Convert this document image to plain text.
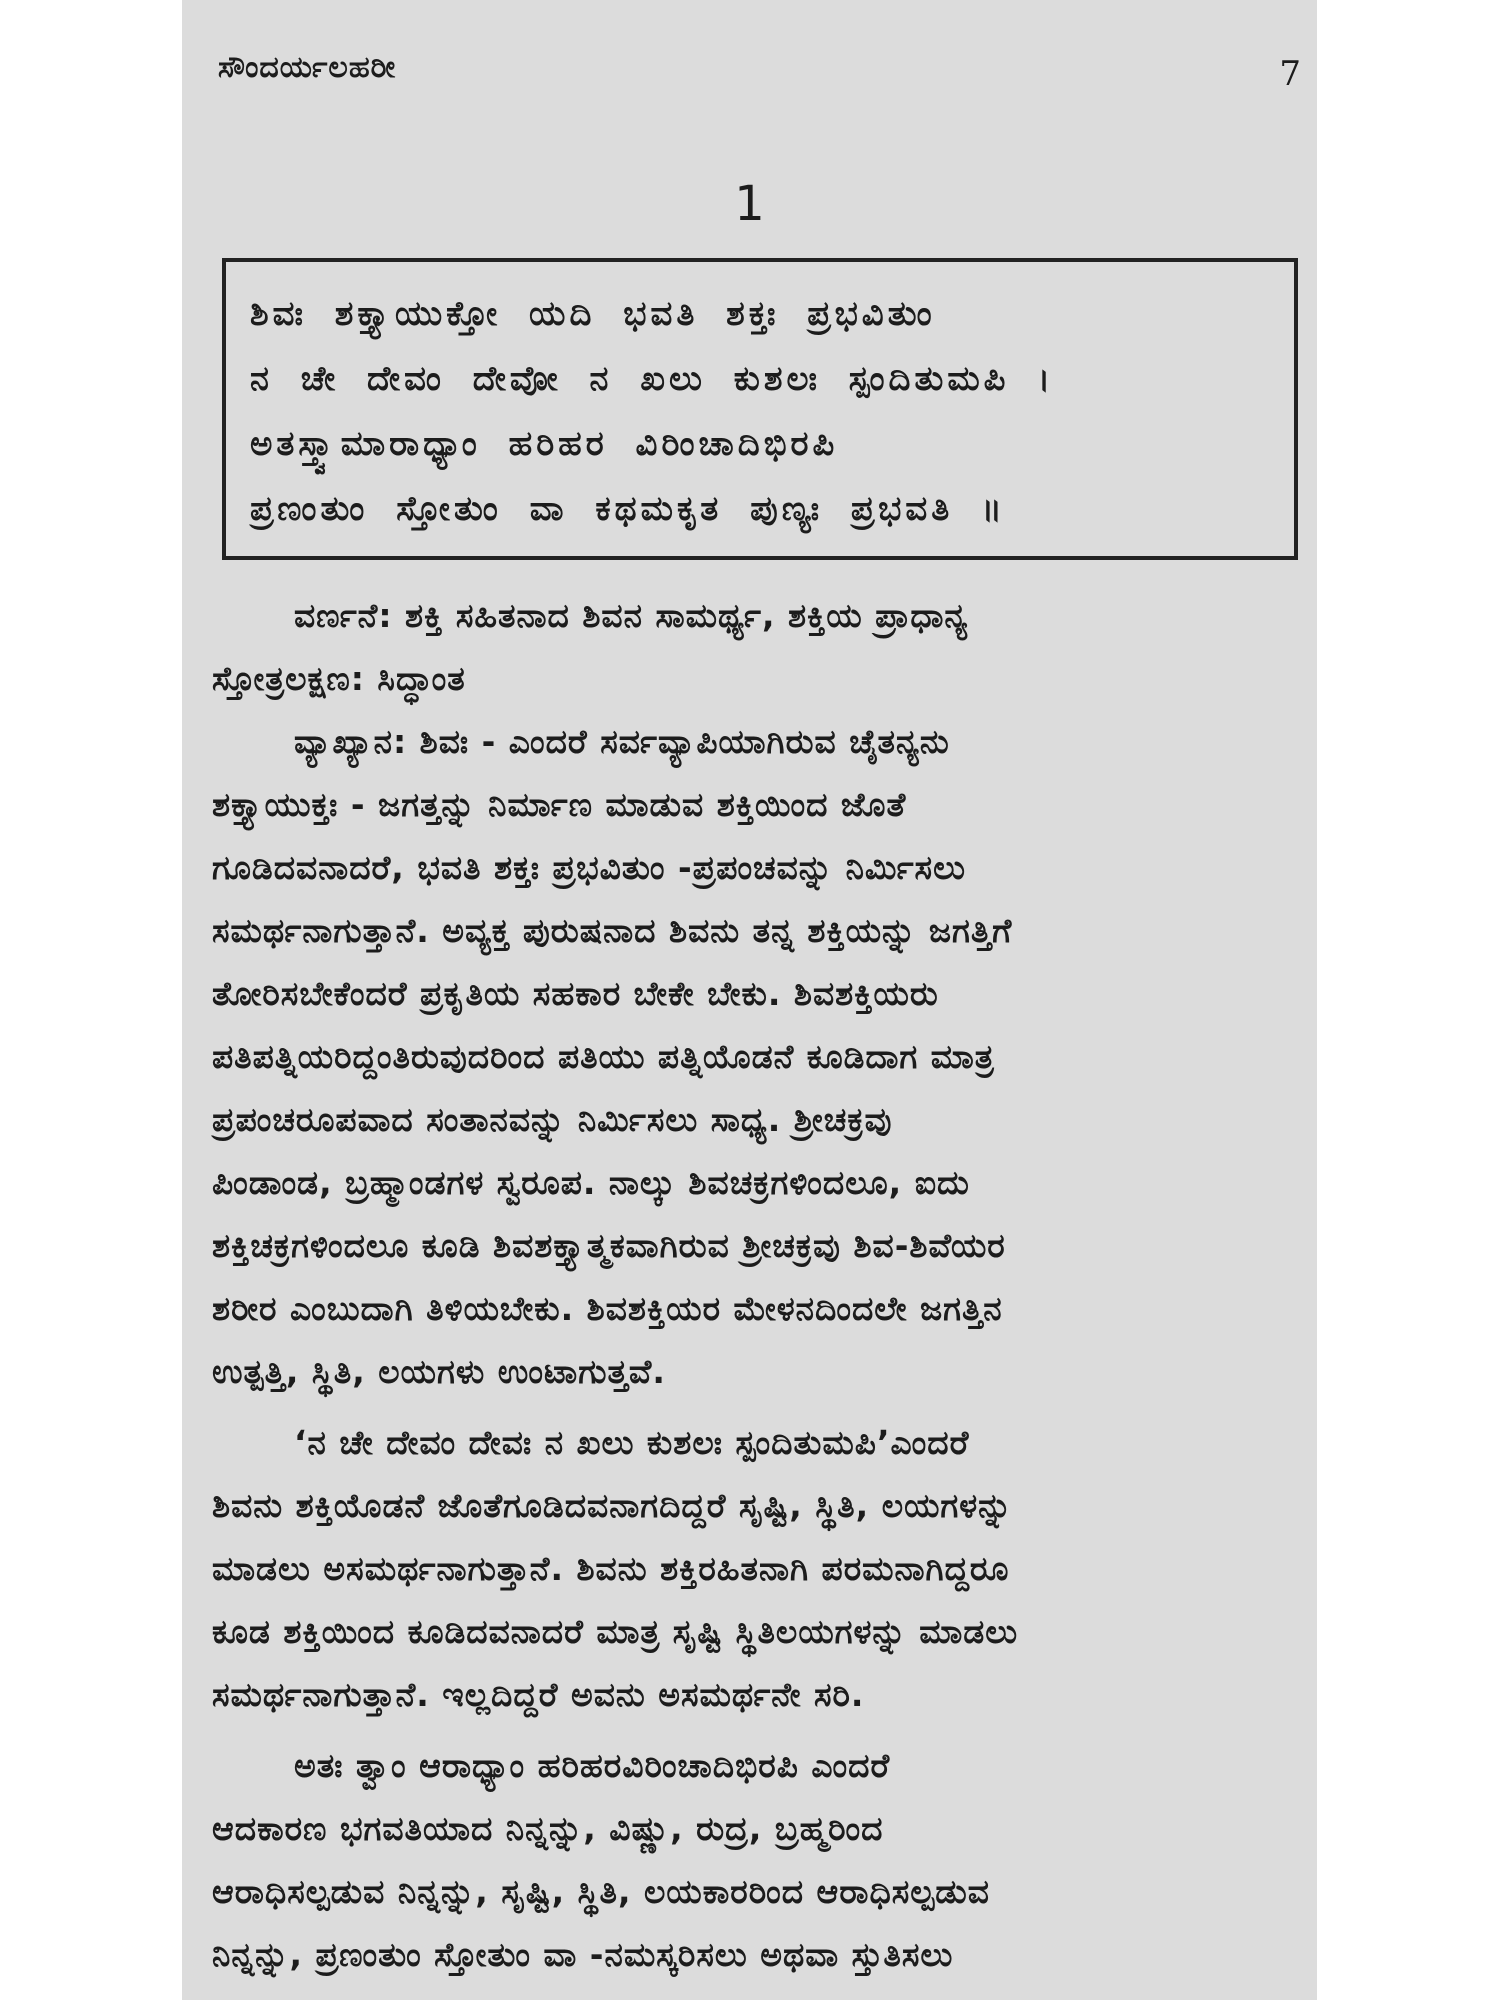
ಸೌಂದರ್ಯಲಹರೀ	7
1
ಶಿವಃ ಶಕ್ತ್ಯಾಯುಕ್ತೋ ಯದಿ ಭವತಿ ಶಕ್ತಃ ಪ್ರಭವಿತುಂ
ನ ಚೇ ದೇವಂ ದೇವೋ ನ ಖಲು ಕುಶಲಃ ಸ್ಪಂದಿತುಮಪಿ ।
ಅತಸ್ತ್ವಾಮಾರಾಧ್ಯಾಂ ಹರಿಹರ ವಿರಿಂಚಾದಿಭಿರಪಿ
ಪ್ರಣಂತುಂ ಸ್ತೋತುಂ ವಾ ಕಥಮಕೃತ ಪುಣ್ಯಃ ಪ್ರಭವತಿ ॥
ವರ್ಣನೆ: ಶಕ್ತಿ ಸಹಿತನಾದ ಶಿವನ ಸಾಮರ್ಥ್ಯ, ಶಕ್ತಿಯ ಪ್ರಾಧಾನ್ಯ
ಸ್ತೋತ್ರಲಕ್ಷಣ: ಸಿದ್ಧಾಂತ
ವ್ಯಾಖ್ಯಾನ: ಶಿವಃ - ಎಂದರೆ ಸರ್ವವ್ಯಾಪಿಯಾಗಿರುವ ಚೈತನ್ಯನು
ಶಕ್ತ್ಯಾಯುಕ್ತಃ - ಜಗತ್ತನ್ನು ನಿರ್ಮಾಣ ಮಾಡುವ ಶಕ್ತಿಯಿಂದ ಜೊತೆ
ಗೂಡಿದವನಾದರೆ, ಭವತಿ ಶಕ್ತಃ ಪ್ರಭವಿತುಂ -ಪ್ರಪಂಚವನ್ನು ನಿರ್ಮಿಸಲು
ಸಮರ್ಥನಾಗುತ್ತಾನೆ. ಅವ್ಯಕ್ತ ಪುರುಷನಾದ ಶಿವನು ತನ್ನ ಶಕ್ತಿಯನ್ನು ಜಗತ್ತಿಗೆ
ತೋರಿಸಬೇಕೆಂದರೆ ಪ್ರಕೃತಿಯ ಸಹಕಾರ ಬೇಕೇ ಬೇಕು. ಶಿವಶಕ್ತಿಯರು
ಪತಿಪತ್ನಿಯರಿದ್ದಂತಿರುವುದರಿಂದ ಪತಿಯು ಪತ್ನಿಯೊಡನೆ ಕೂಡಿದಾಗ ಮಾತ್ರ
ಪ್ರಪಂಚರೂಪವಾದ ಸಂತಾನವನ್ನು ನಿರ್ಮಿಸಲು ಸಾಧ್ಯ. ಶ್ರೀಚಕ್ರವು
ಪಿಂಡಾಂಡ, ಬ್ರಹ್ಮಾಂಡಗಳ ಸ್ವರೂಪ. ನಾಲ್ಕು ಶಿವಚಕ್ರಗಳಿಂದಲೂ, ಐದು
ಶಕ್ತಿಚಕ್ರಗಳಿಂದಲೂ ಕೂಡಿ ಶಿವಶಕ್ತ್ಯಾತ್ಮಕವಾಗಿರುವ ಶ್ರೀಚಕ್ರವು ಶಿವ-ಶಿವೆಯರ
ಶರೀರ ಎಂಬುದಾಗಿ ತಿಳಿಯಬೇಕು. ಶಿವಶಕ್ತಿಯರ ಮೇಳನದಿಂದಲೇ ಜಗತ್ತಿನ
ಉತ್ಪತ್ತಿ, ಸ್ಥಿತಿ, ಲಯಗಳು ಉಂಟಾಗುತ್ತವೆ.
‘ನ ಚೇ ದೇವಂ ದೇವಃ ನ ಖಲು ಕುಶಲಃ ಸ್ಪಂದಿತುಮಪಿ’ಎಂದರೆ
ಶಿವನು ಶಕ್ತಿಯೊಡನೆ ಜೊತೆಗೂಡಿದವನಾಗದಿದ್ದರೆ ಸೃಷ್ಟಿ, ಸ್ಥಿತಿ, ಲಯಗಳನ್ನು
ಮಾಡಲು ಅಸಮರ್ಥನಾಗುತ್ತಾನೆ. ಶಿವನು ಶಕ್ತಿರಹಿತನಾಗಿ ಪರಮನಾಗಿದ್ದರೂ
ಕೂಡ ಶಕ್ತಿಯಿಂದ ಕೂಡಿದವನಾದರೆ ಮಾತ್ರ ಸೃಷ್ಟಿ ಸ್ಥಿತಿಲಯಗಳನ್ನು ಮಾಡಲು
ಸಮರ್ಥನಾಗುತ್ತಾನೆ. ಇಲ್ಲದಿದ್ದರೆ ಅವನು ಅಸಮರ್ಥನೇ ಸರಿ.
ಅತಃ ತ್ವಾಂ ಆರಾಧ್ಯಾಂ ಹರಿಹರವಿರಿಂಚಾದಿಭಿರಪಿ ಎಂದರೆ
ಆದಕಾರಣ ಭಗವತಿಯಾದ ನಿನ್ನನ್ನು, ವಿಷ್ಣು, ರುದ್ರ, ಬ್ರಹ್ಮರಿಂದ
ಆರಾಧಿಸಲ್ಪಡುವ ನಿನ್ನನ್ನು, ಸೃಷ್ಟಿ, ಸ್ಥಿತಿ, ಲಯಕಾರರಿಂದ ಆರಾಧಿಸಲ್ಪಡುವ
ನಿನ್ನನ್ನು, ಪ್ರಣಂತುಂ ಸ್ತೋತುಂ ವಾ -ನಮಸ್ಕರಿಸಲು ಅಥವಾ ಸ್ತುತಿಸಲು
